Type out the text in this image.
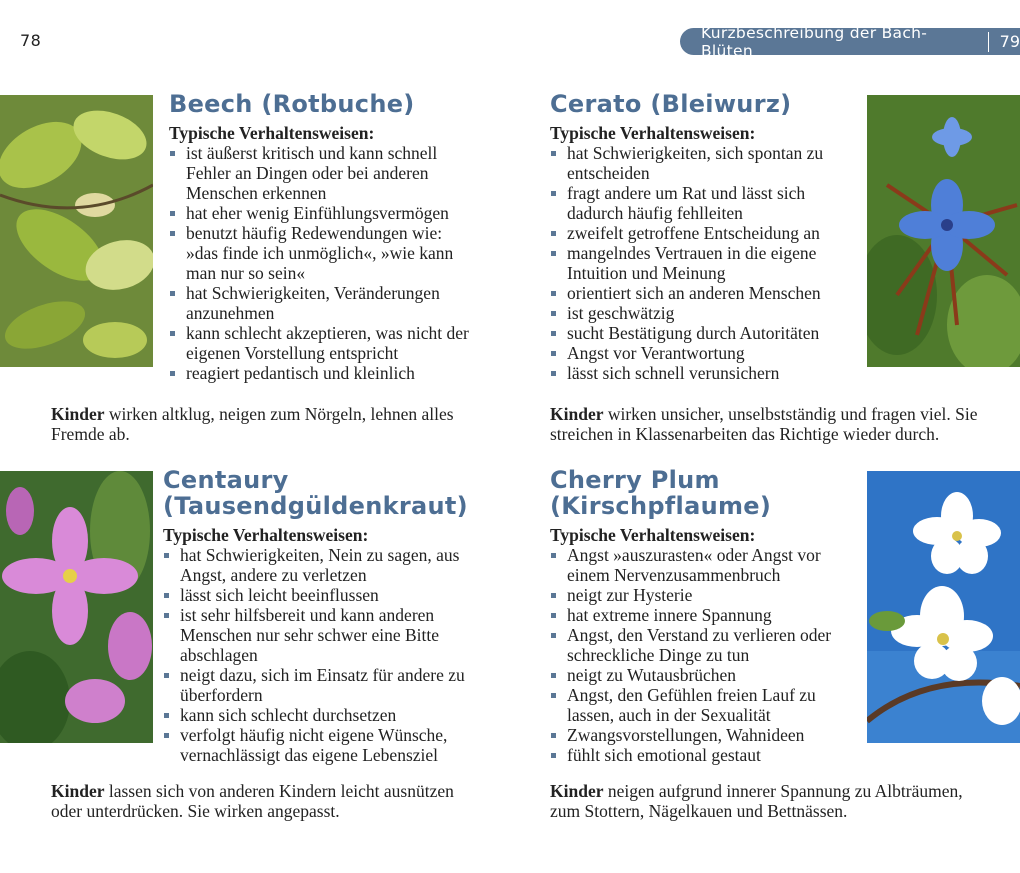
78	Kurzbeschreibung der Bach-Blüten	79
Beech (Rotbuche)
Typische Verhaltensweisen:
ist äußerst kritisch und kann schnell Fehler an Dingen oder bei anderen Menschen erkennen
hat eher wenig Einfühlungsvermögen
benutzt häufig Redewendungen wie: »das finde ich unmöglich«, »wie kann man nur so sein«
hat Schwierigkeiten, Veränderungen anzunehmen
kann schlecht akzeptieren, was nicht der eigenen Vorstellung entspricht
reagiert pedantisch und kleinlich
Kinder wirken altklug, neigen zum Nörgeln, lehnen alles Fremde ab.
Cerato (Bleiwurz)
Typische Verhaltensweisen:
hat Schwierigkeiten, sich spontan zu entscheiden
fragt andere um Rat und lässt sich dadurch häufig fehlleiten
zweifelt getroffene Entscheidung an
mangelndes Vertrauen in die eigene Intuition und Meinung
orientiert sich an anderen Menschen
ist geschwätzig
sucht Bestätigung durch Autoritäten
Angst vor Verantwortung
lässt sich schnell verunsichern
Kinder wirken unsicher, unselbstständig und fragen viel. Sie streichen in Klassenarbeiten das Richtige wieder durch.
Centaury (Tausendgüldenkraut)
Typische Verhaltensweisen:
hat Schwierigkeiten, Nein zu sagen, aus Angst, andere zu verletzen
lässt sich leicht beeinflussen
ist sehr hilfsbereit und kann anderen Menschen nur sehr schwer eine Bitte abschlagen
neigt dazu, sich im Einsatz für andere zu überfordern
kann sich schlecht durchsetzen
verfolgt häufig nicht eigene Wünsche, vernachlässigt das eigene Lebensziel
Kinder lassen sich von anderen Kindern leicht ausnützen oder unterdrücken. Sie wirken angepasst.
Cherry Plum (Kirschpflaume)
Typische Verhaltensweisen:
Angst »auszurasten« oder Angst vor einem Nervenzusammenbruch
neigt zur Hysterie
hat extreme innere Spannung
Angst, den Verstand zu verlieren oder schreckliche Dinge zu tun
neigt zu Wutausbrüchen
Angst, den Gefühlen freien Lauf zu lassen, auch in der Sexualität
Zwangsvorstellungen, Wahnideen
fühlt sich emotional gestaut
Kinder neigen aufgrund innerer Spannung zu Albträumen, zum Stottern, Nägelkauen und Bettnässen.
